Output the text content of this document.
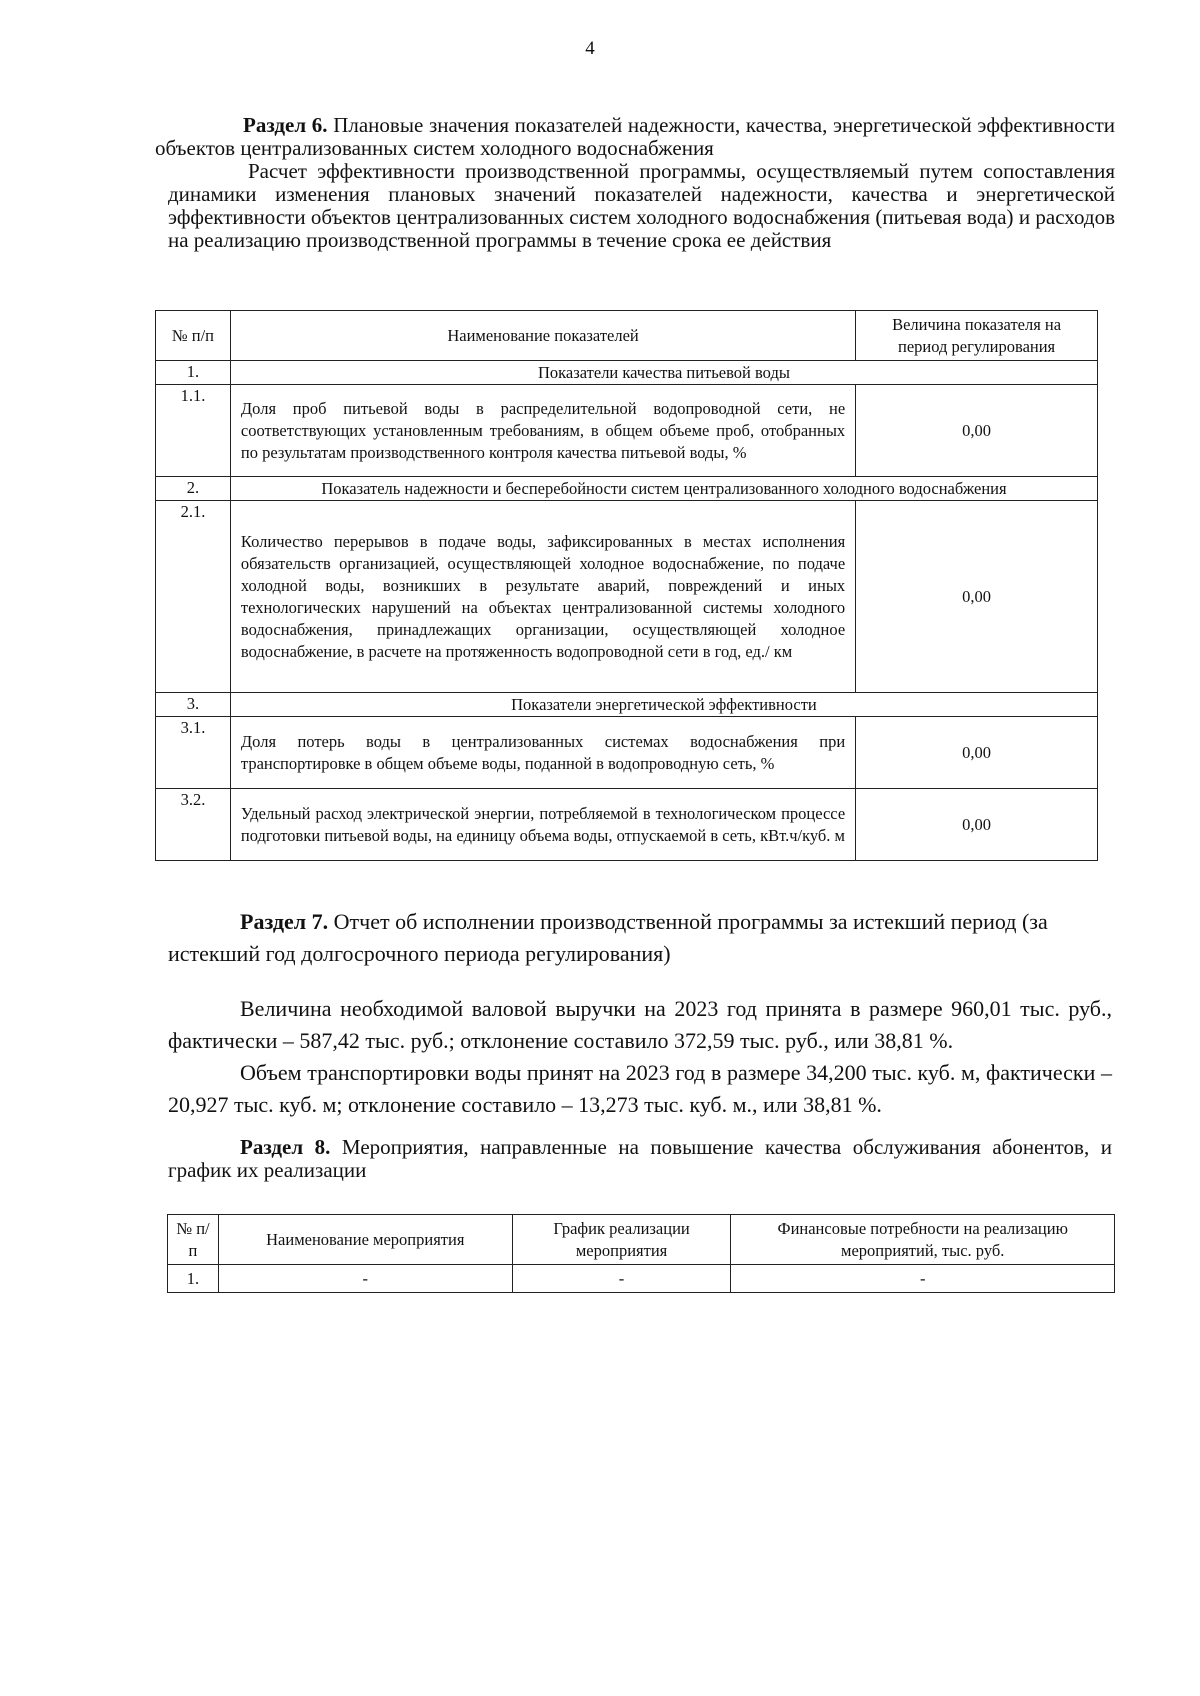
4
Раздел 6. Плановые значения показателей надежности, качества, энергетической эффективности объектов централизованных систем холодного водоснабжения
Расчет эффективности производственной программы, осуществляемый путем сопоставления динамики изменения плановых значений показателей надежности, качества и энергетической эффективности объектов централизованных систем холодного водоснабжения (питьевая вода) и расходов на реализацию производственной программы в течение срока ее действия
№ п/п	Наименование показателей	Величина показателя на период регулирования
1.	Показатели качества питьевой воды	
1.1.	Доля проб питьевой воды в распределительной водопроводной сети, не соответствующих установленным требованиям, в общем объеме проб, отобранных по результатам производственного контроля качества питьевой воды, %	0,00
2.	Показатель надежности и бесперебойности систем централизованного холодного водоснабжения	
2.1.	Количество перерывов в подаче воды, зафиксированных в местах исполнения обязательств организацией, осуществляющей холодное водоснабжение, по подаче холодной воды, возникших в результате аварий, повреждений и иных технологических нарушений на объектах централизованной системы холодного водоснабжения, принадлежащих организации, осуществляющей холодное водоснабжение, в расчете на протяженность водопроводной сети в год, ед./ км	0,00
3.	Показатели энергетической эффективности	
3.1.	Доля потерь воды в централизованных системах водоснабжения при транспортировке в общем объеме воды, поданной в водопроводную сеть, %	0,00
3.2.	Удельный расход электрической энергии, потребляемой в технологическом процессе подготовки питьевой воды, на единицу объема воды, отпускаемой в сеть, кВт.ч/куб. м	0,00
Раздел 7. Отчет об исполнении производственной программы за истекший период (за истекший год долгосрочного периода регулирования)
Величина необходимой валовой выручки на 2023 год принята в размере 960,01 тыс. руб., фактически – 587,42 тыс. руб.; отклонение составило 372,59 тыс. руб., или 38,81 %.
Объем транспортировки воды принят на 2023 год в размере 34,200 тыс. куб. м, фактически – 20,927 тыс. куб. м; отклонение составило – 13,273 тыс. куб. м., или 38,81 %.
Раздел 8. Мероприятия, направленные на повышение качества обслуживания абонентов, и график их реализации
№ п/п	Наименование мероприятия	График реализации мероприятия	Финансовые потребности на реализацию мероприятий, тыс. руб.
1.	-	-	-
